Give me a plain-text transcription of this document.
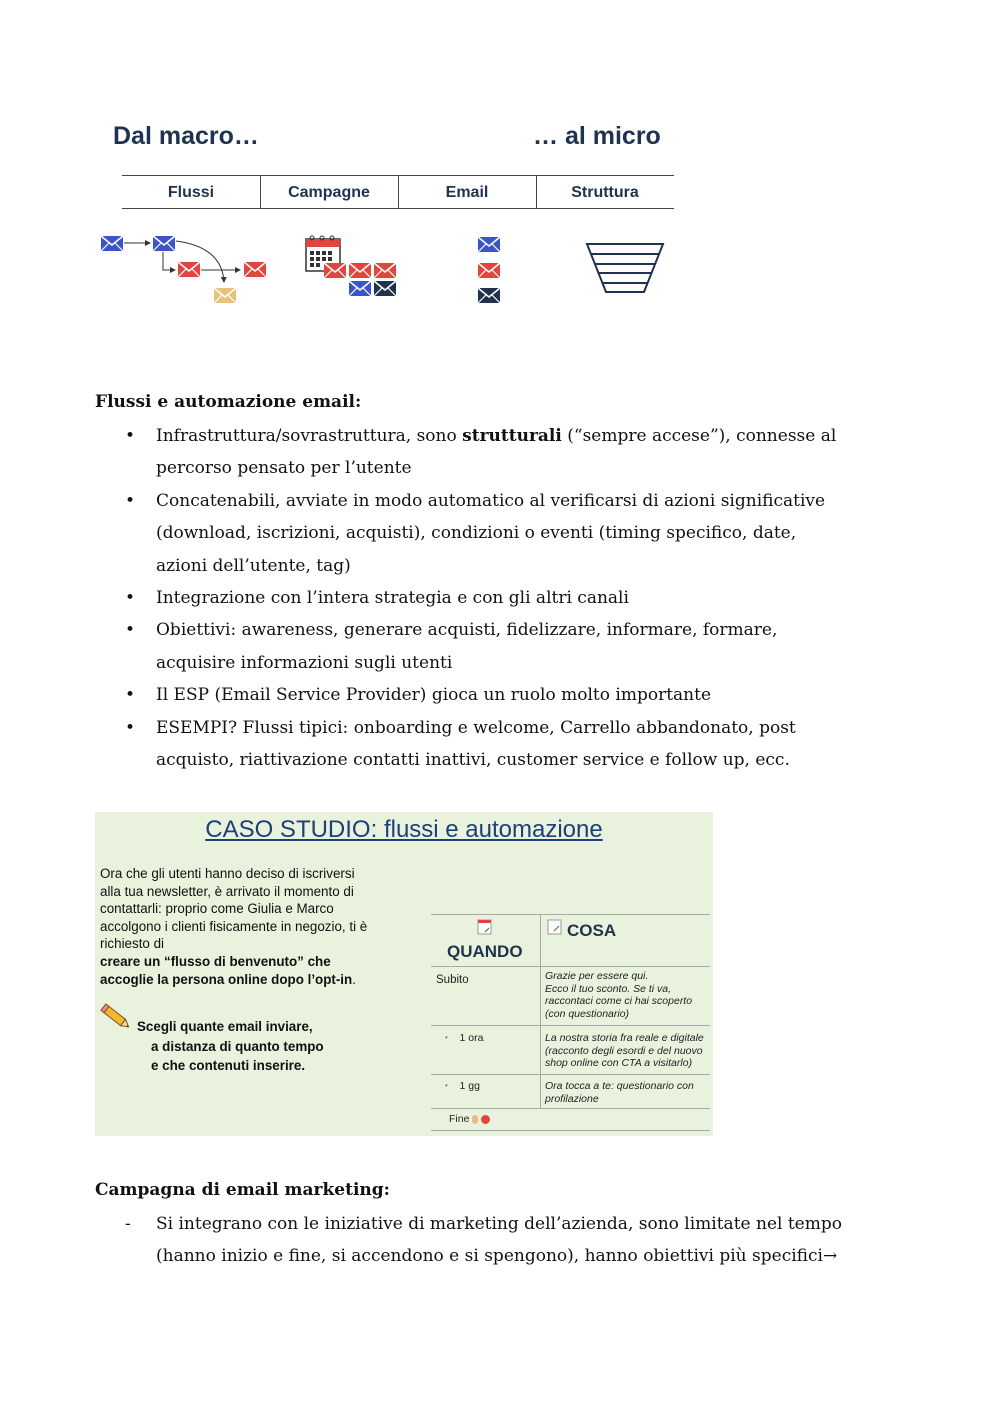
Dal macro…	… al micro
Flussi	Campagne	Email	Struttura
Flussi e automazione email:
• Infrastruttura/sovrastruttura, sono strutturali (“sempre accese”), connesse al
percorso pensato per l’utente
• Concatenabili, avviate in modo automatico al verificarsi di azioni significative
(download, iscrizioni, acquisti), condizioni o eventi (timing specifico, date,
azioni dell’utente, tag)
• Integrazione con l’intera strategia e con gli altri canali
• Obiettivi: awareness, generare acquisti, fidelizzare, informare, formare,
acquisire informazioni sugli utenti
• Il ESP (Email Service Provider) gioca un ruolo molto importante
• ESEMPI? Flussi tipici: onboarding e welcome, Carrello abbandonato, post
acquisto, riattivazione contatti inattivi, customer service e follow up, ecc.
CASO STUDIO: flussi e automazione
Ora che gli utenti hanno deciso di iscriversi
alla tua newsletter, è arrivato il momento di
contattarli: proprio come Giulia e Marco
accolgono i clienti fisicamente in negozio, ti è
richiesto di
creare un “flusso di benvenuto” che
accoglie la persona online dopo l’opt-in.
Scegli quante email inviare,
a distanza di quanto tempo
e che contenuti inserire.
QUANDO
COSA
Subito	Grazie per essere qui.
Ecco il tuo sconto. Se ti va,
raccontaci come ci hai scoperto
(con questionario)
• 1 ora	La nostra storia fra reale e digitale
(racconto degli esordi e del nuovo
shop online con CTA a visitarlo)
• 1 gg	Ora tocca a te: questionario con
profilazione
Fine
Campagna di email marketing:
- Si integrano con le iniziative di marketing dell’azienda, sono limitate nel tempo
(hanno inizio e fine, si accendono e si spengono), hanno obiettivi più specifici→
